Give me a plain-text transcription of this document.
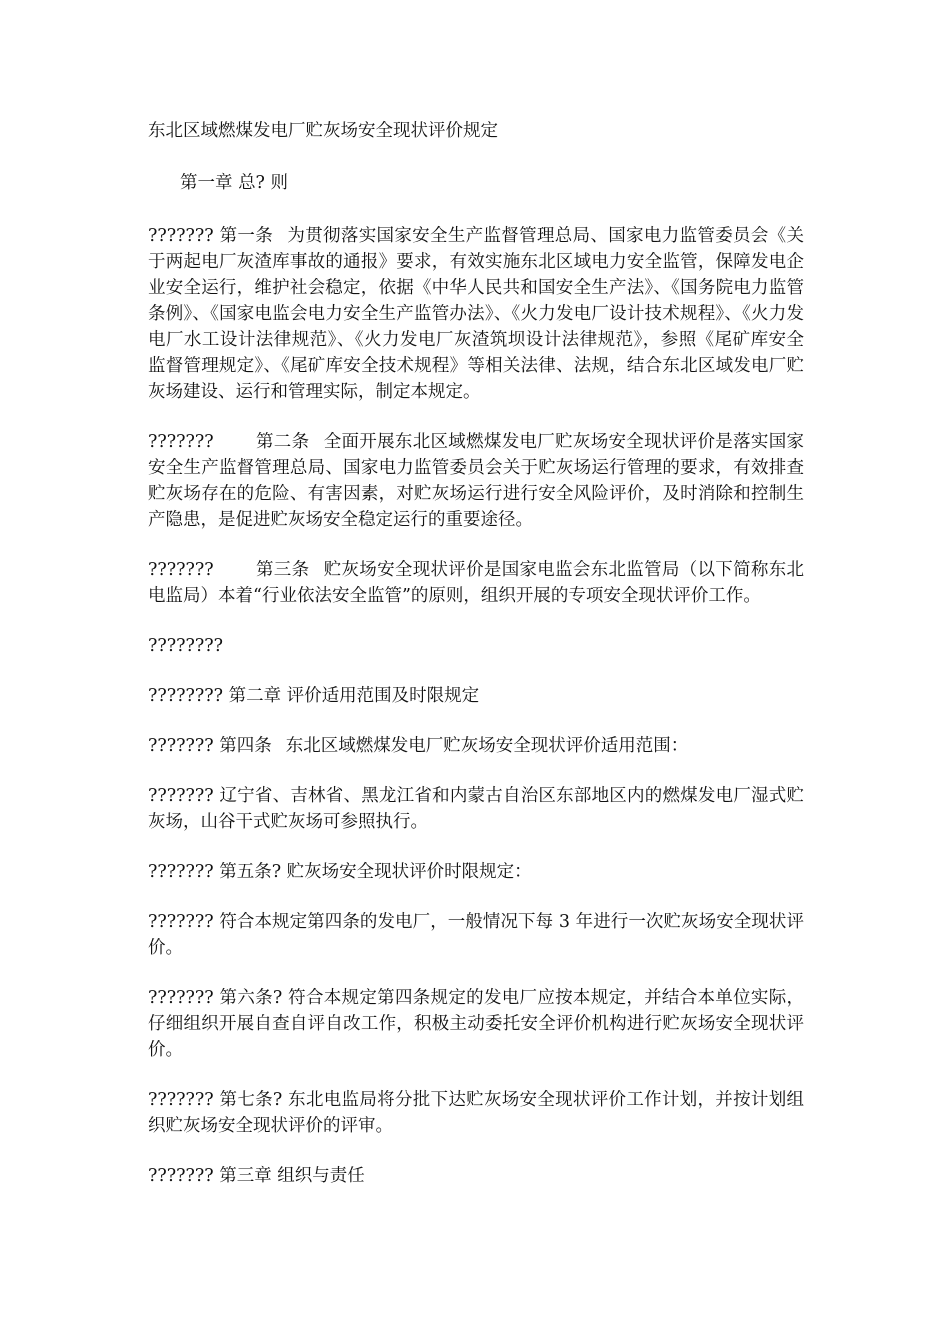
东北区域燃煤发电厂贮灰场安全现状评价规定

第一章 总? 则

??????? 第一条 为贯彻落实国家安全生产监督管理总局、国家电力监管委员会《关于两起电厂灰渣库事故的通报》要求，有效实施东北区域电力安全监管，保障发电企业安全运行，维护社会稳定，依据《中华人民共和国安全生产法》、《国务院电力监管条例》、《国家电监会电力安全生产监管办法》、《火力发电厂设计技术规程》、《火力发电厂水工设计法律规范》、《火力发电厂灰渣筑坝设计法律规范》，参照《尾矿库安全监督管理规定》、《尾矿库安全技术规程》等相关法律、法规，结合东北区域发电厂贮灰场建设、运行和管理实际，制定本规定。

??????? 第二条 全面开展东北区域燃煤发电厂贮灰场安全现状评价是落实国家安全生产监督管理总局、国家电力监管委员会关于贮灰场运行管理的要求，有效排查贮灰场存在的危险、有害因素，对贮灰场运行进行安全风险评价，及时消除和控制生产隐患，是促进贮灰场安全稳定运行的重要途径。

??????? 第三条 贮灰场安全现状评价是国家电监会东北监管局（以下简称东北电监局）本着“行业依法安全监管”的原则，组织开展的专项安全现状评价工作。

????????

???????? 第二章 评价适用范围及时限规定

??????? 第四条 东北区域燃煤发电厂贮灰场安全现状评价适用范围：

??????? 辽宁省、吉林省、黑龙江省和内蒙古自治区东部地区内的燃煤发电厂湿式贮灰场，山谷干式贮灰场可参照执行。

??????? 第五条? 贮灰场安全现状评价时限规定：

??????? 符合本规定第四条的发电厂，一般情况下每 3 年进行一次贮灰场安全现状评价。

??????? 第六条? 符合本规定第四条规定的发电厂应按本规定，并结合本单位实际，仔细组织开展自查自评自改工作，积极主动委托安全评价机构进行贮灰场安全现状评价。

??????? 第七条? 东北电监局将分批下达贮灰场安全现状评价工作计划，并按计划组织贮灰场安全现状评价的评审。

??????? 第三章 组织与责任
